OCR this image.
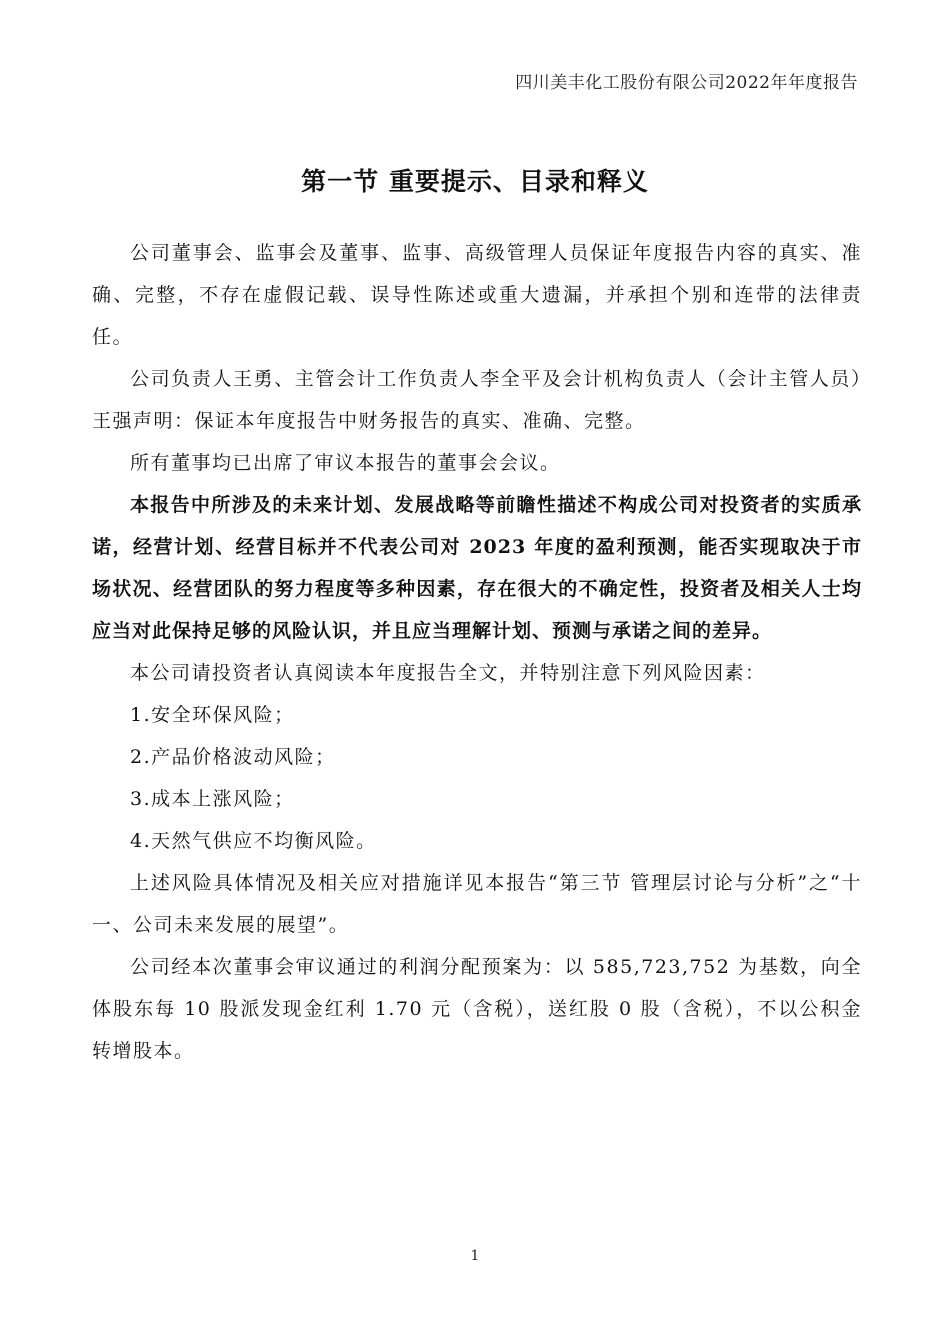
四川美丰化工股份有限公司2022年年度报告
第一节 重要提示、目录和释义

公司董事会、监事会及董事、监事、高级管理人员保证年度报告内容的真实、准确、完整，不存在虚假记载、误导性陈述或重大遗漏，并承担个别和连带的法律责任。

公司负责人王勇、主管会计工作负责人李全平及会计机构负责人（会计主管人员）王强声明：保证本年度报告中财务报告的真实、准确、完整。

所有董事均已出席了审议本报告的董事会会议。

本报告中所涉及的未来计划、发展战略等前瞻性描述不构成公司对投资者的实质承诺，经营计划、经营目标并不代表公司对 2023 年度的盈利预测，能否实现取决于市场状况、经营团队的努力程度等多种因素，存在很大的不确定性，投资者及相关人士均应当对此保持足够的风险认识，并且应当理解计划、预测与承诺之间的差异。

本公司请投资者认真阅读本年度报告全文，并特别注意下列风险因素：

1.安全环保风险；

2.产品价格波动风险；

3.成本上涨风险；

4.天然气供应不均衡风险。

上述风险具体情况及相关应对措施详见本报告“第三节 管理层讨论与分析”之“十一、公司未来发展的展望”。

公司经本次董事会审议通过的利润分配预案为：以 585,723,752 为基数，向全体股东每 10 股派发现金红利 1.70 元（含税），送红股 0 股（含税），不以公积金转增股本。

1
